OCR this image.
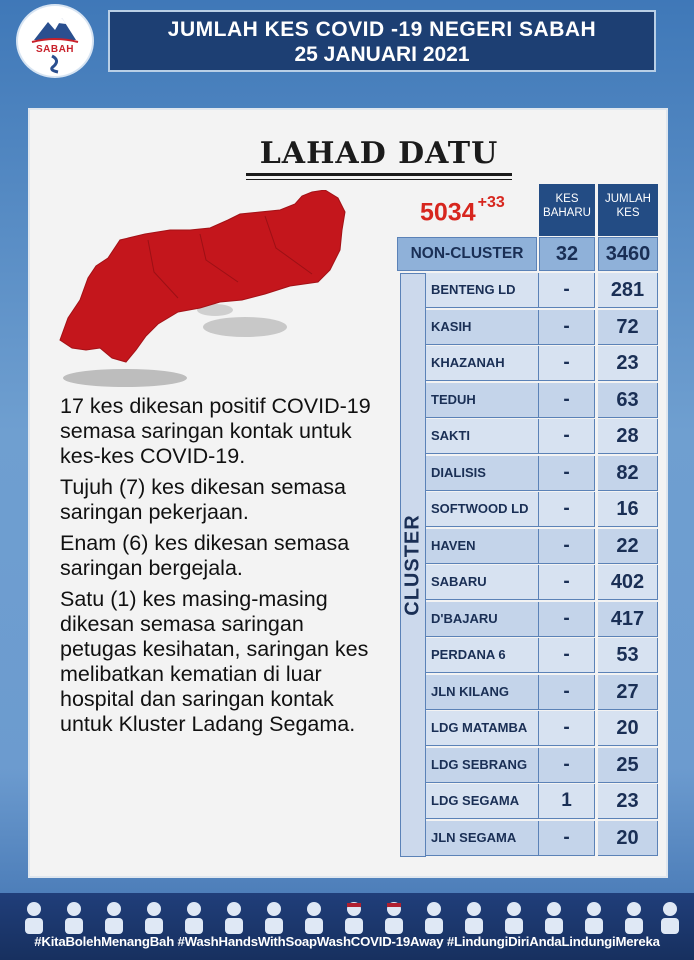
SABAH
JUMLAH KES COVID -19 NEGERI SABAH
25 JANUARI 2021
LAHAD DATU
5034 $^{+33}$

17 kes dikesan positif COVID-19 semasa saringan kontak untuk kes-kes COVID-19.

Tujuh (7) kes dikesan semasa saringan pekerjaan.

Enam (6) kes dikesan semasa saringan bergejala.

Satu (1) kes masing-masing dikesan semasa saringan petugas kesihatan, saringan kes melibatkan kematian di luar hospital dan saringan kontak untuk Kluster Ladang Segama.

KES BAHARU
JUMLAH KES
NON-CLUSTER	32	3460
CLUSTER
BENTENG LD	-	281
KASIH	-	72
KHAZANAH	-	23
TEDUH	-	63
SAKTI	-	28
DIALISIS	-	82
SOFTWOOD LD	-	16
HAVEN	-	22
SABARU	-	402
D'BAJARU	-	417
PERDANA 6	-	53
JLN KILANG	-	27
LDG MATAMBA	-	20
LDG SEBRANG	-	25
LDG SEGAMA	1	23
JLN SEGAMA	-	20
#KitaBolehMenangBah #WashHandsWithSoapWashCOVID-19Away #LindungiDiriAndaLindungiMereka
